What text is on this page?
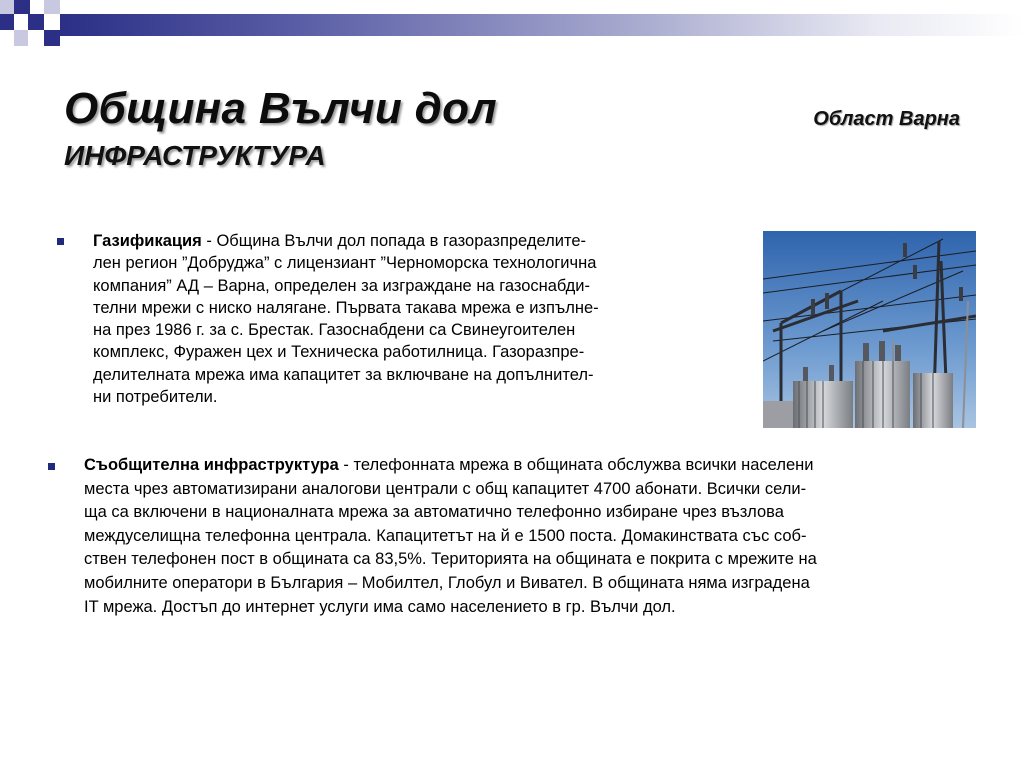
Община Вълчи дол	Област Варна
ИНФРАСТРУКТУРА
Газификация - Община Вълчи дол попада в газоразпределите-
лен регион ”Добруджа” с лицензиант ”Черноморска технологична
компания” АД – Варна, определен за изграждане на газоснабди-
телни мрежи с ниско налягане. Първата такава мрежа е изпълне-
на през 1986 г. за с. Брестак. Газоснабдени са Свинеугоителен
комплекс, Фуражен цех и Техническа работилница. Газоразпре-
делителната мрежа има капацитет за включване на допълнител-
ни потребители.
Съобщителна инфраструктура - телефонната мрежа в общината обслужва всички населени
места чрез автоматизирани аналогови централи с общ капацитет 4700 абонати. Всички сели-
ща са включени в националната мрежа за автоматично телефонно избиране чрез възлова
междуселищна телефонна централа. Капацитетът на й е 1500 поста. Домакинствата със соб-
ствен телефонен пост в общината са 83,5%. Територията на общината е покрита с мрежите на
мобилните оператори в България – Мобилтел, Глобул и Вивател. В общината няма изградена
IT мрежа. Достъп до интернет услуги има само населението в гр. Вълчи дол.
